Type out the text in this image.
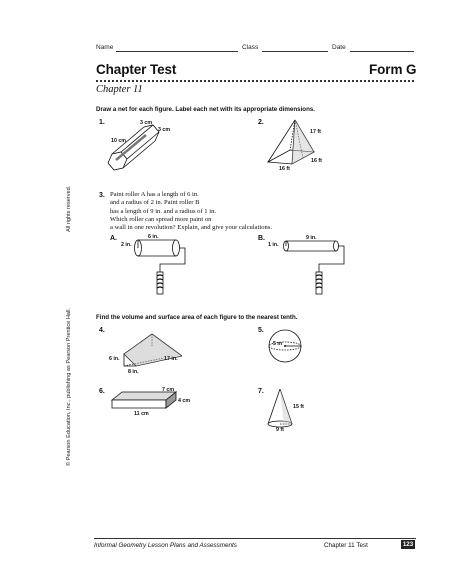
Name	Class	Date
Chapter Test	Form G
Chapter 11
Draw a net for each figure. Label each net with its appropriate dimensions.
1.	3 cm
3 cm
10 cm
2.
17 ft
16 ft
16 ft
All rights reserved.
© Pearson Education, Inc., publishing as Pearson Prentice Hall.
3. Paint roller A has a length of 6 in.
and a radius of 2 in. Paint roller B
has a length of 9 in. and a radius of 1 in.
Which roller can spread more paint on
a wall in one revolution? Explain, and give your calculations.
A.	6 in.
2 in.
B.	9 in.
1 in.
Find the volume and surface area of each figure to the nearest tenth.
4.
6 in.	17 in.
8 in.
5.
5 m
6.	7 cm
4 cm
11 cm
7.
15 ft
9 ft
Informal Geometry Lesson Plans and Assessments	Chapter 11 Test	123
